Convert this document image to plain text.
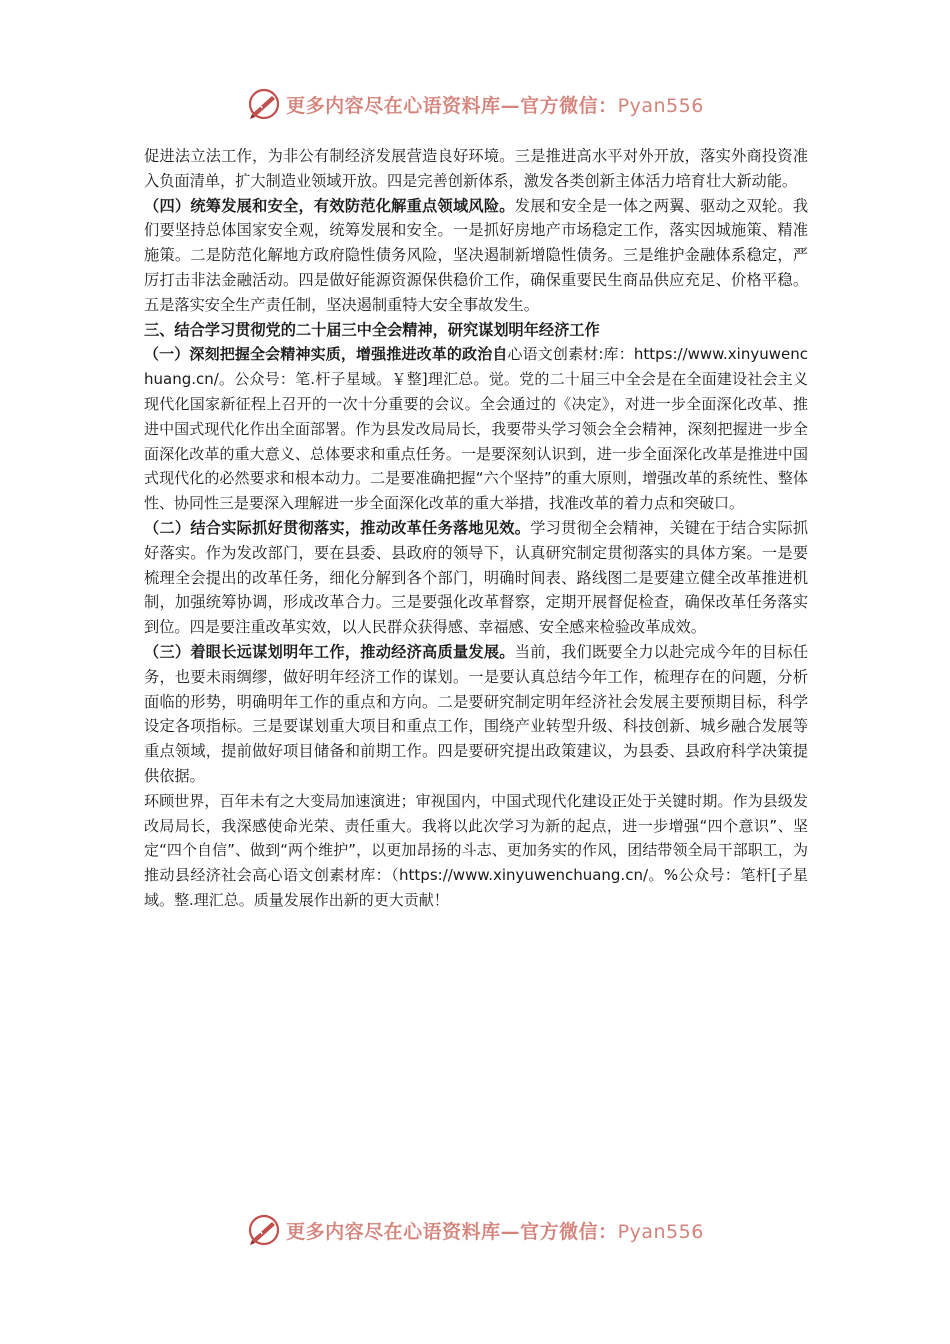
更多内容尽在心语资料库—官方微信：Pyan556

促进法立法工作，为非公有制经济发展营造良好环境。三是推进高水平对外开放，落实外商投资准入负面清单，扩大制造业领域开放。四是完善创新体系，激发各类创新主体活力培育壮大新动能。

（四）统筹发展和安全，有效防范化解重点领域风险。发展和安全是一体之两翼、驱动之双轮。我们要坚持总体国家安全观，统筹发展和安全。一是抓好房地产市场稳定工作，落实因城施策、精准施策。二是防范化解地方政府隐性债务风险，坚决遏制新增隐性债务。三是维护金融体系稳定，严厉打击非法金融活动。四是做好能源资源保供稳价工作，确保重要民生商品供应充足、价格平稳。五是落实安全生产责任制，坚决遏制重特大安全事故发生。

三、结合学习贯彻党的二十届三中全会精神，研究谋划明年经济工作

（一）深刻把握全会精神实质，增强推进改革的政治自心语文创素材:库：https://www.xinyuwenchuang.cn/。公众号：笔.杆子星域。￥整]理汇总。觉。党的二十届三中全会是在全面建设社会主义现代化国家新征程上召开的一次十分重要的会议。全会通过的《决定》，对进一步全面深化改革、推进中国式现代化作出全面部署。作为县发改局局长，我要带头学习领会全会精神，深刻把握进一步全面深化改革的重大意义、总体要求和重点任务。一是要深刻认识到，进一步全面深化改革是推进中国式现代化的必然要求和根本动力。二是要准确把握“六个坚持”的重大原则，增强改革的系统性、整体性、协同性三是要深入理解进一步全面深化改革的重大举措，找准改革的着力点和突破口。

（二）结合实际抓好贯彻落实，推动改革任务落地见效。学习贯彻全会精神，关键在于结合实际抓好落实。作为发改部门，要在县委、县政府的领导下，认真研究制定贯彻落实的具体方案。一是要梳理全会提出的改革任务，细化分解到各个部门，明确时间表、路线图二是要建立健全改革推进机制，加强统筹协调，形成改革合力。三是要强化改革督察，定期开展督促检查，确保改革任务落实到位。四是要注重改革实效，以人民群众获得感、幸福感、安全感来检验改革成效。

（三）着眼长远谋划明年工作，推动经济高质量发展。当前，我们既要全力以赴完成今年的目标任务，也要未雨绸缪，做好明年经济工作的谋划。一是要认真总结今年工作，梳理存在的问题，分析面临的形势，明确明年工作的重点和方向。二是要研究制定明年经济社会发展主要预期目标，科学设定各项指标。三是要谋划重大项目和重点工作，围绕产业转型升级、科技创新、城乡融合发展等重点领域，提前做好项目储备和前期工作。四是要研究提出政策建议，为县委、县政府科学决策提供依据。

环顾世界，百年未有之大变局加速演进；审视国内，中国式现代化建设正处于关键时期。作为县级发改局局长，我深感使命光荣、责任重大。我将以此次学习为新的起点，进一步增强“四个意识”、坚定“四个自信”、做到“两个维护”，以更加昂扬的斗志、更加务实的作风，团结带领全局干部职工，为推动县经济社会高心语文创素材库：（https://www.xinyuwenchuang.cn/。%公众号：笔杆[子星域。整.理汇总。质量发展作出新的更大贡献！

更多内容尽在心语资料库—官方微信：Pyan556
